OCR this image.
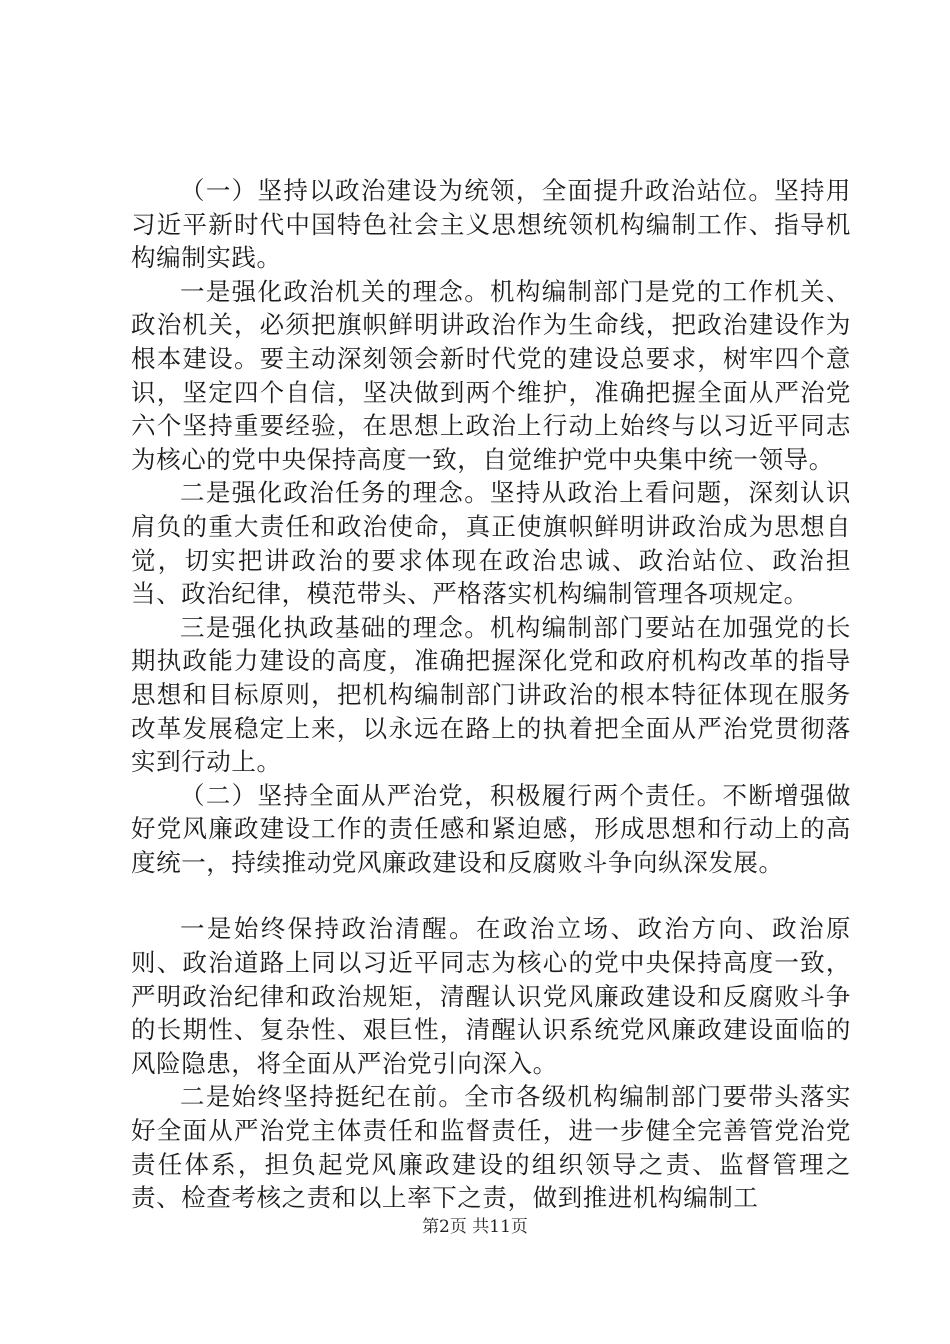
（一）坚持以政治建设为统领，全面提升政治站位。坚持用习近平新时代中国特色社会主义思想统领机构编制工作、指导机构编制实践。

一是强化政治机关的理念。机构编制部门是党的工作机关、政治机关，必须把旗帜鲜明讲政治作为生命线，把政治建设作为根本建设。要主动深刻领会新时代党的建设总要求，树牢四个意识，坚定四个自信，坚决做到两个维护，准确把握全面从严治党六个坚持重要经验，在思想上政治上行动上始终与以习近平同志为核心的党中央保持高度一致，自觉维护党中央集中统一领导。

二是强化政治任务的理念。坚持从政治上看问题，深刻认识肩负的重大责任和政治使命，真正使旗帜鲜明讲政治成为思想自觉，切实把讲政治的要求体现在政治忠诚、政治站位、政治担当、政治纪律，模范带头、严格落实机构编制管理各项规定。

三是强化执政基础的理念。机构编制部门要站在加强党的长期执政能力建设的高度，准确把握深化党和政府机构改革的指导思想和目标原则，把机构编制部门讲政治的根本特征体现在服务改革发展稳定上来，以永远在路上的执着把全面从严治党贯彻落实到行动上。

（二）坚持全面从严治党，积极履行两个责任。不断增强做好党风廉政建设工作的责任感和紧迫感，形成思想和行动上的高度统一，持续推动党风廉政建设和反腐败斗争向纵深发展。

一是始终保持政治清醒。在政治立场、政治方向、政治原则、政治道路上同以习近平同志为核心的党中央保持高度一致，严明政治纪律和政治规矩，清醒认识党风廉政建设和反腐败斗争的长期性、复杂性、艰巨性，清醒认识系统党风廉政建设面临的风险隐患，将全面从严治党引向深入。

二是始终坚持挺纪在前。全市各级机构编制部门要带头落实好全面从严治党主体责任和监督责任，进一步健全完善管党治党责任体系，担负起党风廉政建设的组织领导之责、监督管理之责、检查考核之责和以上率下之责，做到推进机构编制工

第2页 共11页
